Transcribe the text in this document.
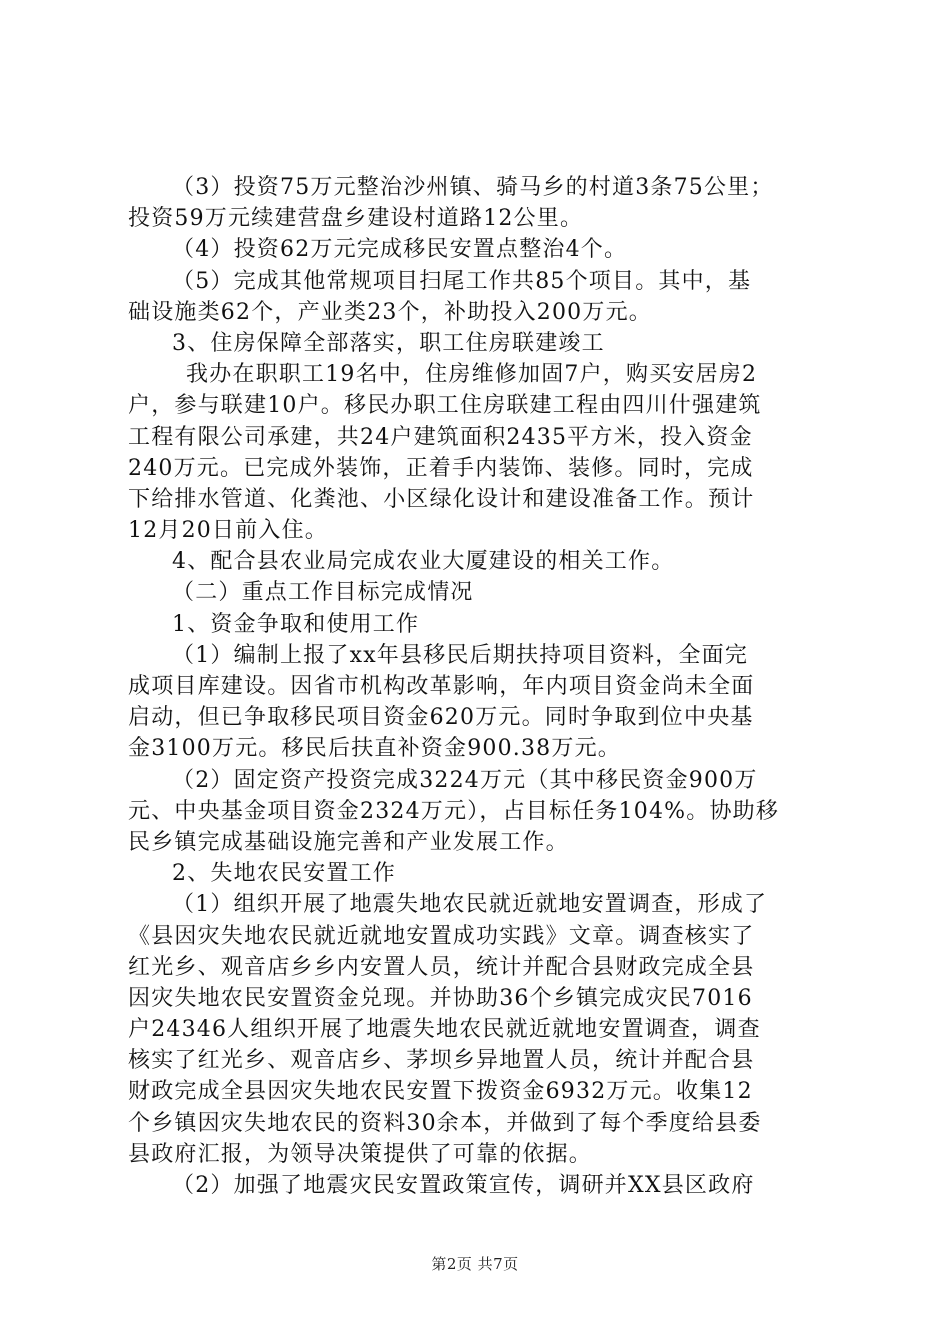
（3）投资75万元整治沙州镇、骑马乡的村道3条75公里；
投资59万元续建营盘乡建设村道路12公里。
（4）投资62万元完成移民安置点整治4个。
（5）完成其他常规项目扫尾工作共85个项目。其中，基
础设施类62个，产业类23个，补助投入200万元。
3、住房保障全部落实，职工住房联建竣工
我办在职职工19名中，住房维修加固7户，购买安居房2
户，参与联建10户。移民办职工住房联建工程由四川什强建筑
工程有限公司承建，共24户建筑面积2435平方米，投入资金
240万元。已完成外装饰，正着手内装饰、装修。同时，完成
下给排水管道、化粪池、小区绿化设计和建设准备工作。预计
12月20日前入住。
4、配合县农业局完成农业大厦建设的相关工作。
（二）重点工作目标完成情况
1、资金争取和使用工作
（1）编制上报了xx年县移民后期扶持项目资料，全面完
成项目库建设。因省市机构改革影响，年内项目资金尚未全面
启动，但已争取移民项目资金620万元。同时争取到位中央基
金3100万元。移民后扶直补资金900.38万元。
（2）固定资产投资完成3224万元（其中移民资金900万
元、中央基金项目资金2324万元），占目标任务104%。协助移
民乡镇完成基础设施完善和产业发展工作。
2、失地农民安置工作
（1）组织开展了地震失地农民就近就地安置调查，形成了
《县因灾失地农民就近就地安置成功实践》文章。调查核实了
红光乡、观音店乡乡内安置人员，统计并配合县财政完成全县
因灾失地农民安置资金兑现。并协助36个乡镇完成灾民7016
户24346人组织开展了地震失地农民就近就地安置调查，调查
核实了红光乡、观音店乡、茅坝乡异地置人员，统计并配合县
财政完成全县因灾失地农民安置下拨资金6932万元。收集12
个乡镇因灾失地农民的资料30余本，并做到了每个季度给县委
县政府汇报，为领导决策提供了可靠的依据。
（2）加强了地震灾民安置政策宣传，调研并XX县区政府
第2页 共7页
